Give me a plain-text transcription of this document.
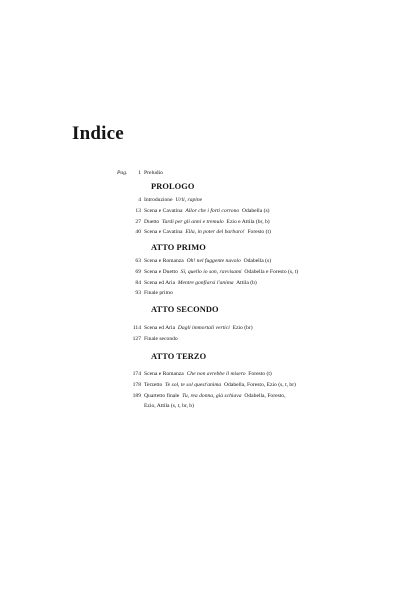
Indice
Pag.	1 Preludio
PROLOGO
4 Introduzione Urli, rapine
13 Scena e Cavatina Allor che i forti corrono Odabella (s)
27 Duetto Tardi per gli anni e tremulo Ezio e Attila (br, b)
40 Scena e Cavatina Ella, in poter del barbaro! Foresto (t)
ATTO PRIMO
63 Scena e Romanza Oh! nel fuggente nuvolo Odabella (s)
69 Scena e Duetto Sì, quello io son, ravvisami Odabella e Foresto (s, t)
84 Scena ed Aria Mentre gonfiarsi l'anima Attila (b)
93 Finale primo
ATTO SECONDO
114 Scena ed Aria Dagli immortali vertici Ezio (br)
127 Finale secondo
ATTO TERZO
174 Scena e Romanza Che non avrebbe il misero Foresto (t)
178 Terzetto Te sol, te sol quest'anima Odabella, Foresto, Ezio (s, t, br)
189 Quartetto finale Tu, rea donna, già schiava Odabella, Foresto,
Ezio, Attila (s, t, br, b)
